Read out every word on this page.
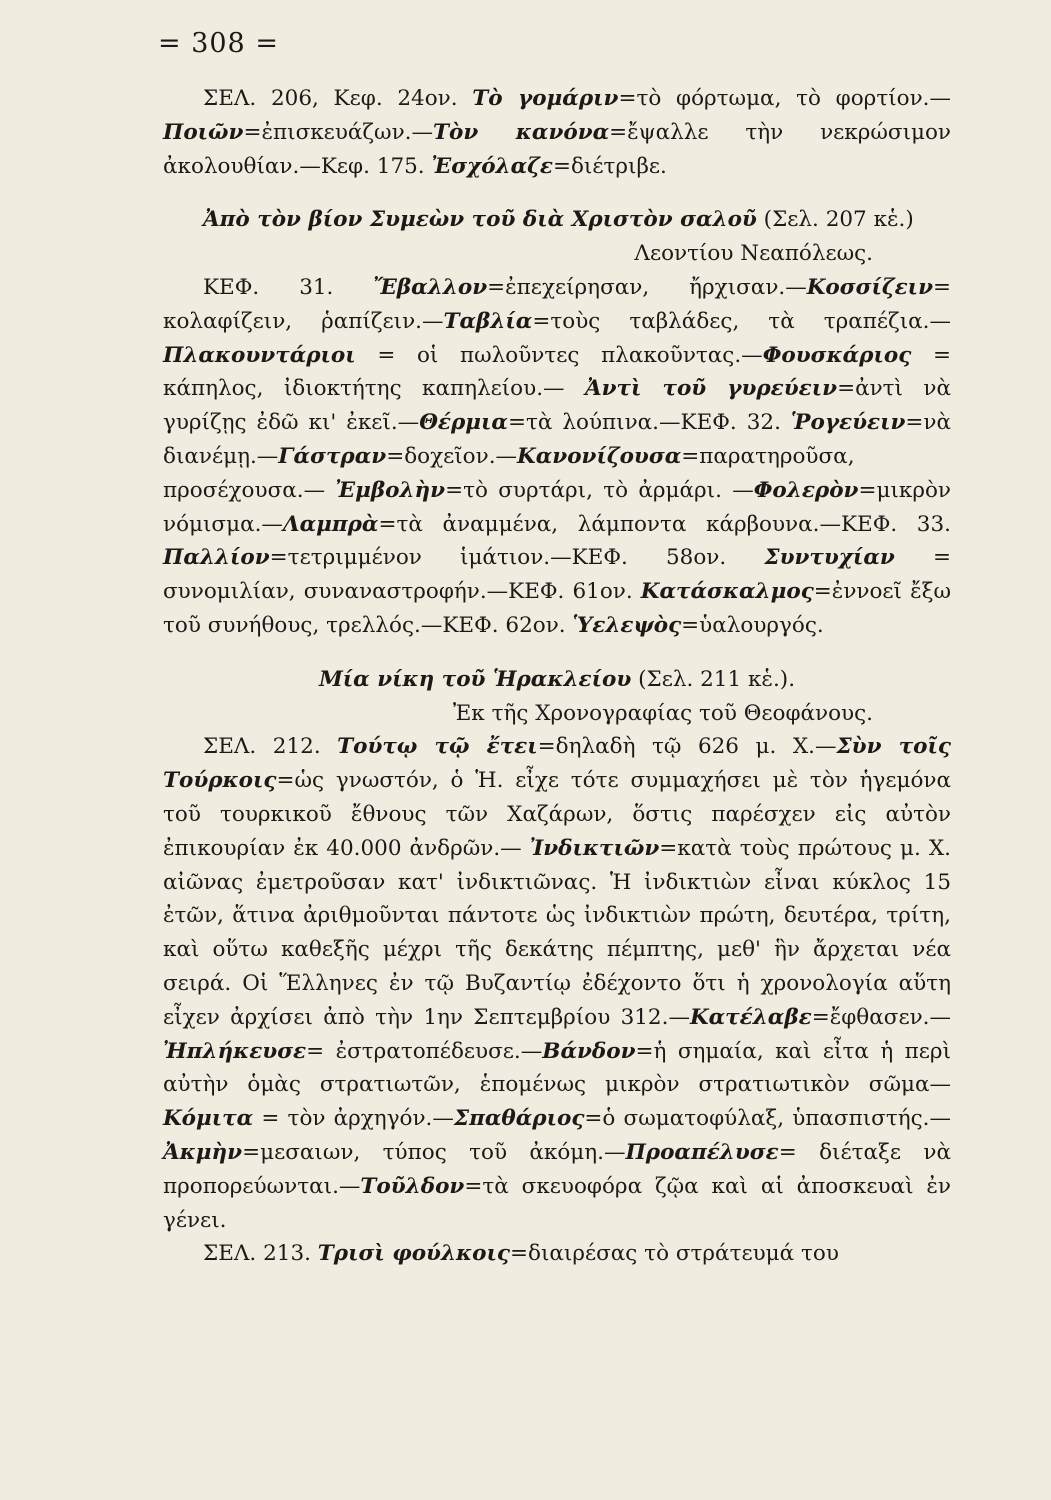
= 308 =

ΣΕΛ. 206, Κεφ. 24ον. Τὸ γομάριν=τὸ φόρτωμα, τὸ φορτίον.—Ποιῶν=ἐπισκευάζων.—Τὸν κανόνα=ἔψαλλε τὴν νεκρώσιμον ἀκολουθίαν.—Κεφ. 175. Ἐσχόλαζε=διέτριβε.

Ἀπὸ τὸν βίον Συμεὼν τοῦ διὰ Χριστὸν σαλοῦ (Σελ. 207 κἑ.)

Λεοντίου Νεαπόλεως.

ΚΕΦ. 31. Ἔβαλλον=ἐπεχείρησαν, ἤρχισαν.—Κοσσίζειν= κολαφίζειν, ῥαπίζειν.—Ταβλία=τοὺς ταβλάδες, τὰ τραπέζια.—Πλακουντάριοι = οἱ πωλοῦντες πλακοῦντας.—Φουσκάριος = κάπηλος, ἰδιοκτήτης καπηλείου.— Ἀντὶ τοῦ γυρεύειν=ἀντὶ νὰ γυρίζῃς ἐδῶ κι' ἐκεῖ.—Θέρμια=τὰ λούπινα.—ΚΕΦ. 32. Ῥογεύειν=νὰ διανέμῃ.—Γάστραν=δοχεῖον.—Κανονίζουσα=παρατηροῦσα, προσέχουσα.— Ἐμβολὴν=τὸ συρτάρι, τὸ ἀρμάρι. —Φολερὸν=μικρὸν νόμισμα.—Λαμπρὰ=τὰ ἀναμμένα, λάμποντα κάρβουνα.—ΚΕΦ. 33. Παλλίον=τετριμμένον ἱμάτιον.—ΚΕΦ. 58ον. Συντυχίαν = συνομιλίαν, συναναστροφήν.—ΚΕΦ. 61ον. Κατάσκαλμος=ἐννοεῖ ἔξω τοῦ συνήθους, τρελλός.—ΚΕΦ. 62ον. Ὑελεψὸς=ὑαλουργός.

Μία νίκη τοῦ Ἡρακλείου (Σελ. 211 κἑ.).

Ἐκ τῆς Χρονογραφίας τοῦ Θεοφάνους.

ΣΕΛ. 212. Τούτῳ τῷ ἔτει=δηλαδὴ τῷ 626 μ. Χ.—Σὺν τοῖς Τούρκοις=ὡς γνωστόν, ὁ Ἡ. εἶχε τότε συμμαχήσει μὲ τὸν ἡγεμόνα τοῦ τουρκικοῦ ἔθνους τῶν Χαζάρων, ὅστις παρέσχεν εἰς αὐτὸν ἐπικουρίαν ἐκ 40.000 ἀνδρῶν.— Ἰνδικτιῶν=κατὰ τοὺς πρώτους μ. Χ. αἰῶνας ἐμετροῦσαν κατ' ἰνδικτιῶνας. Ἡ ἰνδικτιὼν εἶναι κύκλος 15 ἐτῶν, ἅτινα ἀριθμοῦνται πάντοτε ὡς ἰνδικτιὼν πρώτη, δευτέρα, τρίτη, καὶ οὕτω καθεξῆς μέχρι τῆς δεκάτης πέμπτης, μεθ' ἣν ἄρχεται νέα σειρά. Οἱ Ἕλληνες ἐν τῷ Βυζαντίῳ ἐδέχοντο ὅτι ἡ χρονολογία αὕτη εἶχεν ἀρχίσει ἀπὸ τὴν 1ην Σεπτεμβρίου 312.—Κατέλαβε=ἔφθασεν.— Ἠπλήκευσε= ἐστρατοπέδευσε.—Βάνδον=ἡ σημαία, καὶ εἶτα ἡ περὶ αὐτὴν ὁμὰς στρατιωτῶν, ἑπομένως μικρὸν στρατιωτικὸν σῶμα—Κόμιτα = τὸν ἀρχηγόν.—Σπαθάριος=ὁ σωματοφύλαξ, ὑπασπιστής.— Ἀκμὴν=μεσαιων, τύπος τοῦ ἀκόμη.—Προαπέλυσε= διέταξε νὰ προπορεύωνται.—Τοῦλδον=τὰ σκευοφόρα ζῷα καὶ αἱ ἀποσκευαὶ ἐν γένει.

ΣΕΛ. 213. Τρισὶ φούλκοις=διαιρέσας τὸ στράτευμά του
